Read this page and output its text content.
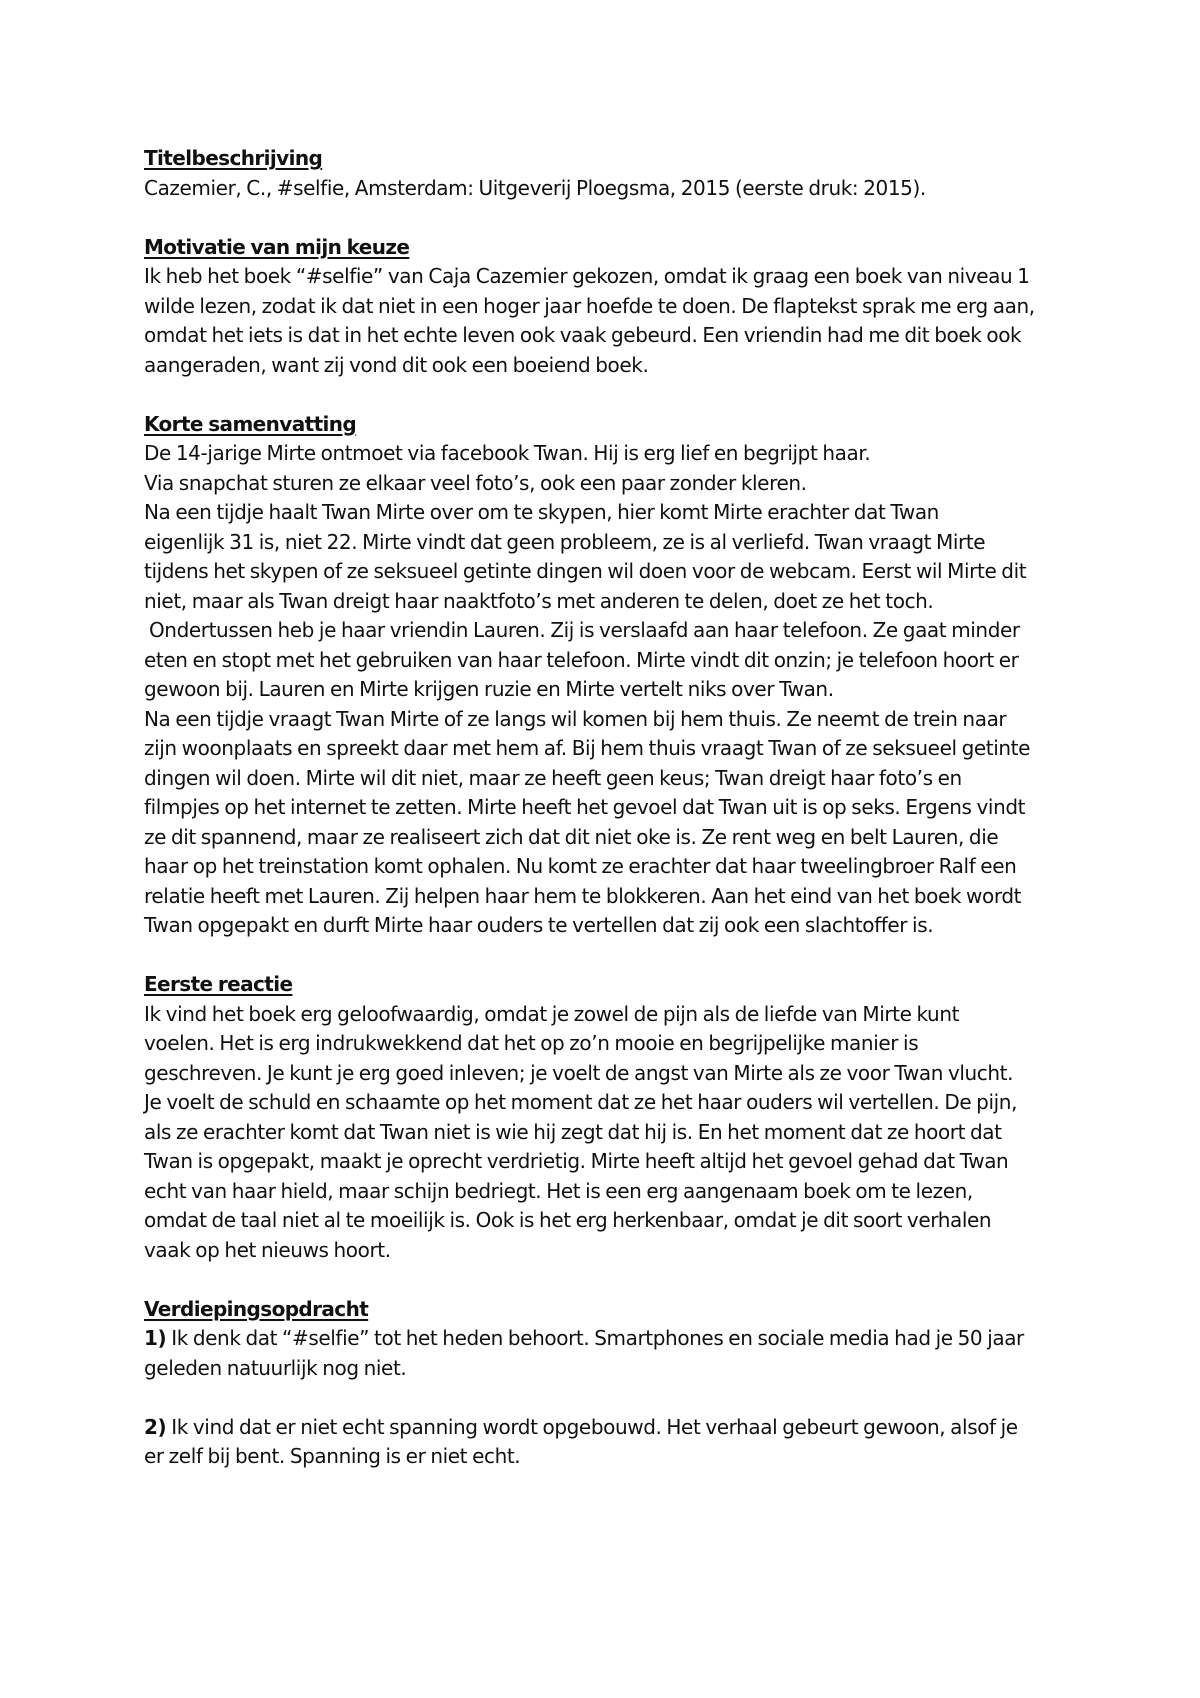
Titelbeschrijving
Cazemier, C., #selfie, Amsterdam: Uitgeverij Ploegsma, 2015 (eerste druk: 2015).
Motivatie van mijn keuze
Ik heb het boek “#selfie” van Caja Cazemier gekozen, omdat ik graag een boek van niveau 1
wilde lezen, zodat ik dat niet in een hoger jaar hoefde te doen. De flaptekst sprak me erg aan,
omdat het iets is dat in het echte leven ook vaak gebeurd. Een vriendin had me dit boek ook
aangeraden, want zij vond dit ook een boeiend boek.
Korte samenvatting
De 14-jarige Mirte ontmoet via facebook Twan. Hij is erg lief en begrijpt haar.
Via snapchat sturen ze elkaar veel foto’s, ook een paar zonder kleren.
Na een tijdje haalt Twan Mirte over om te skypen, hier komt Mirte erachter dat Twan
eigenlijk 31 is, niet 22. Mirte vindt dat geen probleem, ze is al verliefd. Twan vraagt Mirte
tijdens het skypen of ze seksueel getinte dingen wil doen voor de webcam. Eerst wil Mirte dit
niet, maar als Twan dreigt haar naaktfoto’s met anderen te delen, doet ze het toch.
Ondertussen heb je haar vriendin Lauren. Zij is verslaafd aan haar telefoon. Ze gaat minder
eten en stopt met het gebruiken van haar telefoon. Mirte vindt dit onzin; je telefoon hoort er
gewoon bij. Lauren en Mirte krijgen ruzie en Mirte vertelt niks over Twan.
Na een tijdje vraagt Twan Mirte of ze langs wil komen bij hem thuis. Ze neemt de trein naar
zijn woonplaats en spreekt daar met hem af. Bij hem thuis vraagt Twan of ze seksueel getinte
dingen wil doen. Mirte wil dit niet, maar ze heeft geen keus; Twan dreigt haar foto’s en
filmpjes op het internet te zetten. Mirte heeft het gevoel dat Twan uit is op seks. Ergens vindt
ze dit spannend, maar ze realiseert zich dat dit niet oke is. Ze rent weg en belt Lauren, die
haar op het treinstation komt ophalen. Nu komt ze erachter dat haar tweelingbroer Ralf een
relatie heeft met Lauren. Zij helpen haar hem te blokkeren. Aan het eind van het boek wordt
Twan opgepakt en durft Mirte haar ouders te vertellen dat zij ook een slachtoffer is.
Eerste reactie
Ik vind het boek erg geloofwaardig, omdat je zowel de pijn als de liefde van Mirte kunt
voelen. Het is erg indrukwekkend dat het op zo’n mooie en begrijpelijke manier is
geschreven. Je kunt je erg goed inleven; je voelt de angst van Mirte als ze voor Twan vlucht.
Je voelt de schuld en schaamte op het moment dat ze het haar ouders wil vertellen. De pijn,
als ze erachter komt dat Twan niet is wie hij zegt dat hij is. En het moment dat ze hoort dat
Twan is opgepakt, maakt je oprecht verdrietig. Mirte heeft altijd het gevoel gehad dat Twan
echt van haar hield, maar schijn bedriegt. Het is een erg aangenaam boek om te lezen,
omdat de taal niet al te moeilijk is. Ook is het erg herkenbaar, omdat je dit soort verhalen
vaak op het nieuws hoort.
Verdiepingsopdracht
1) Ik denk dat “#selfie” tot het heden behoort. Smartphones en sociale media had je 50 jaar
geleden natuurlijk nog niet.
2) Ik vind dat er niet echt spanning wordt opgebouwd. Het verhaal gebeurt gewoon, alsof je
er zelf bij bent. Spanning is er niet echt.
